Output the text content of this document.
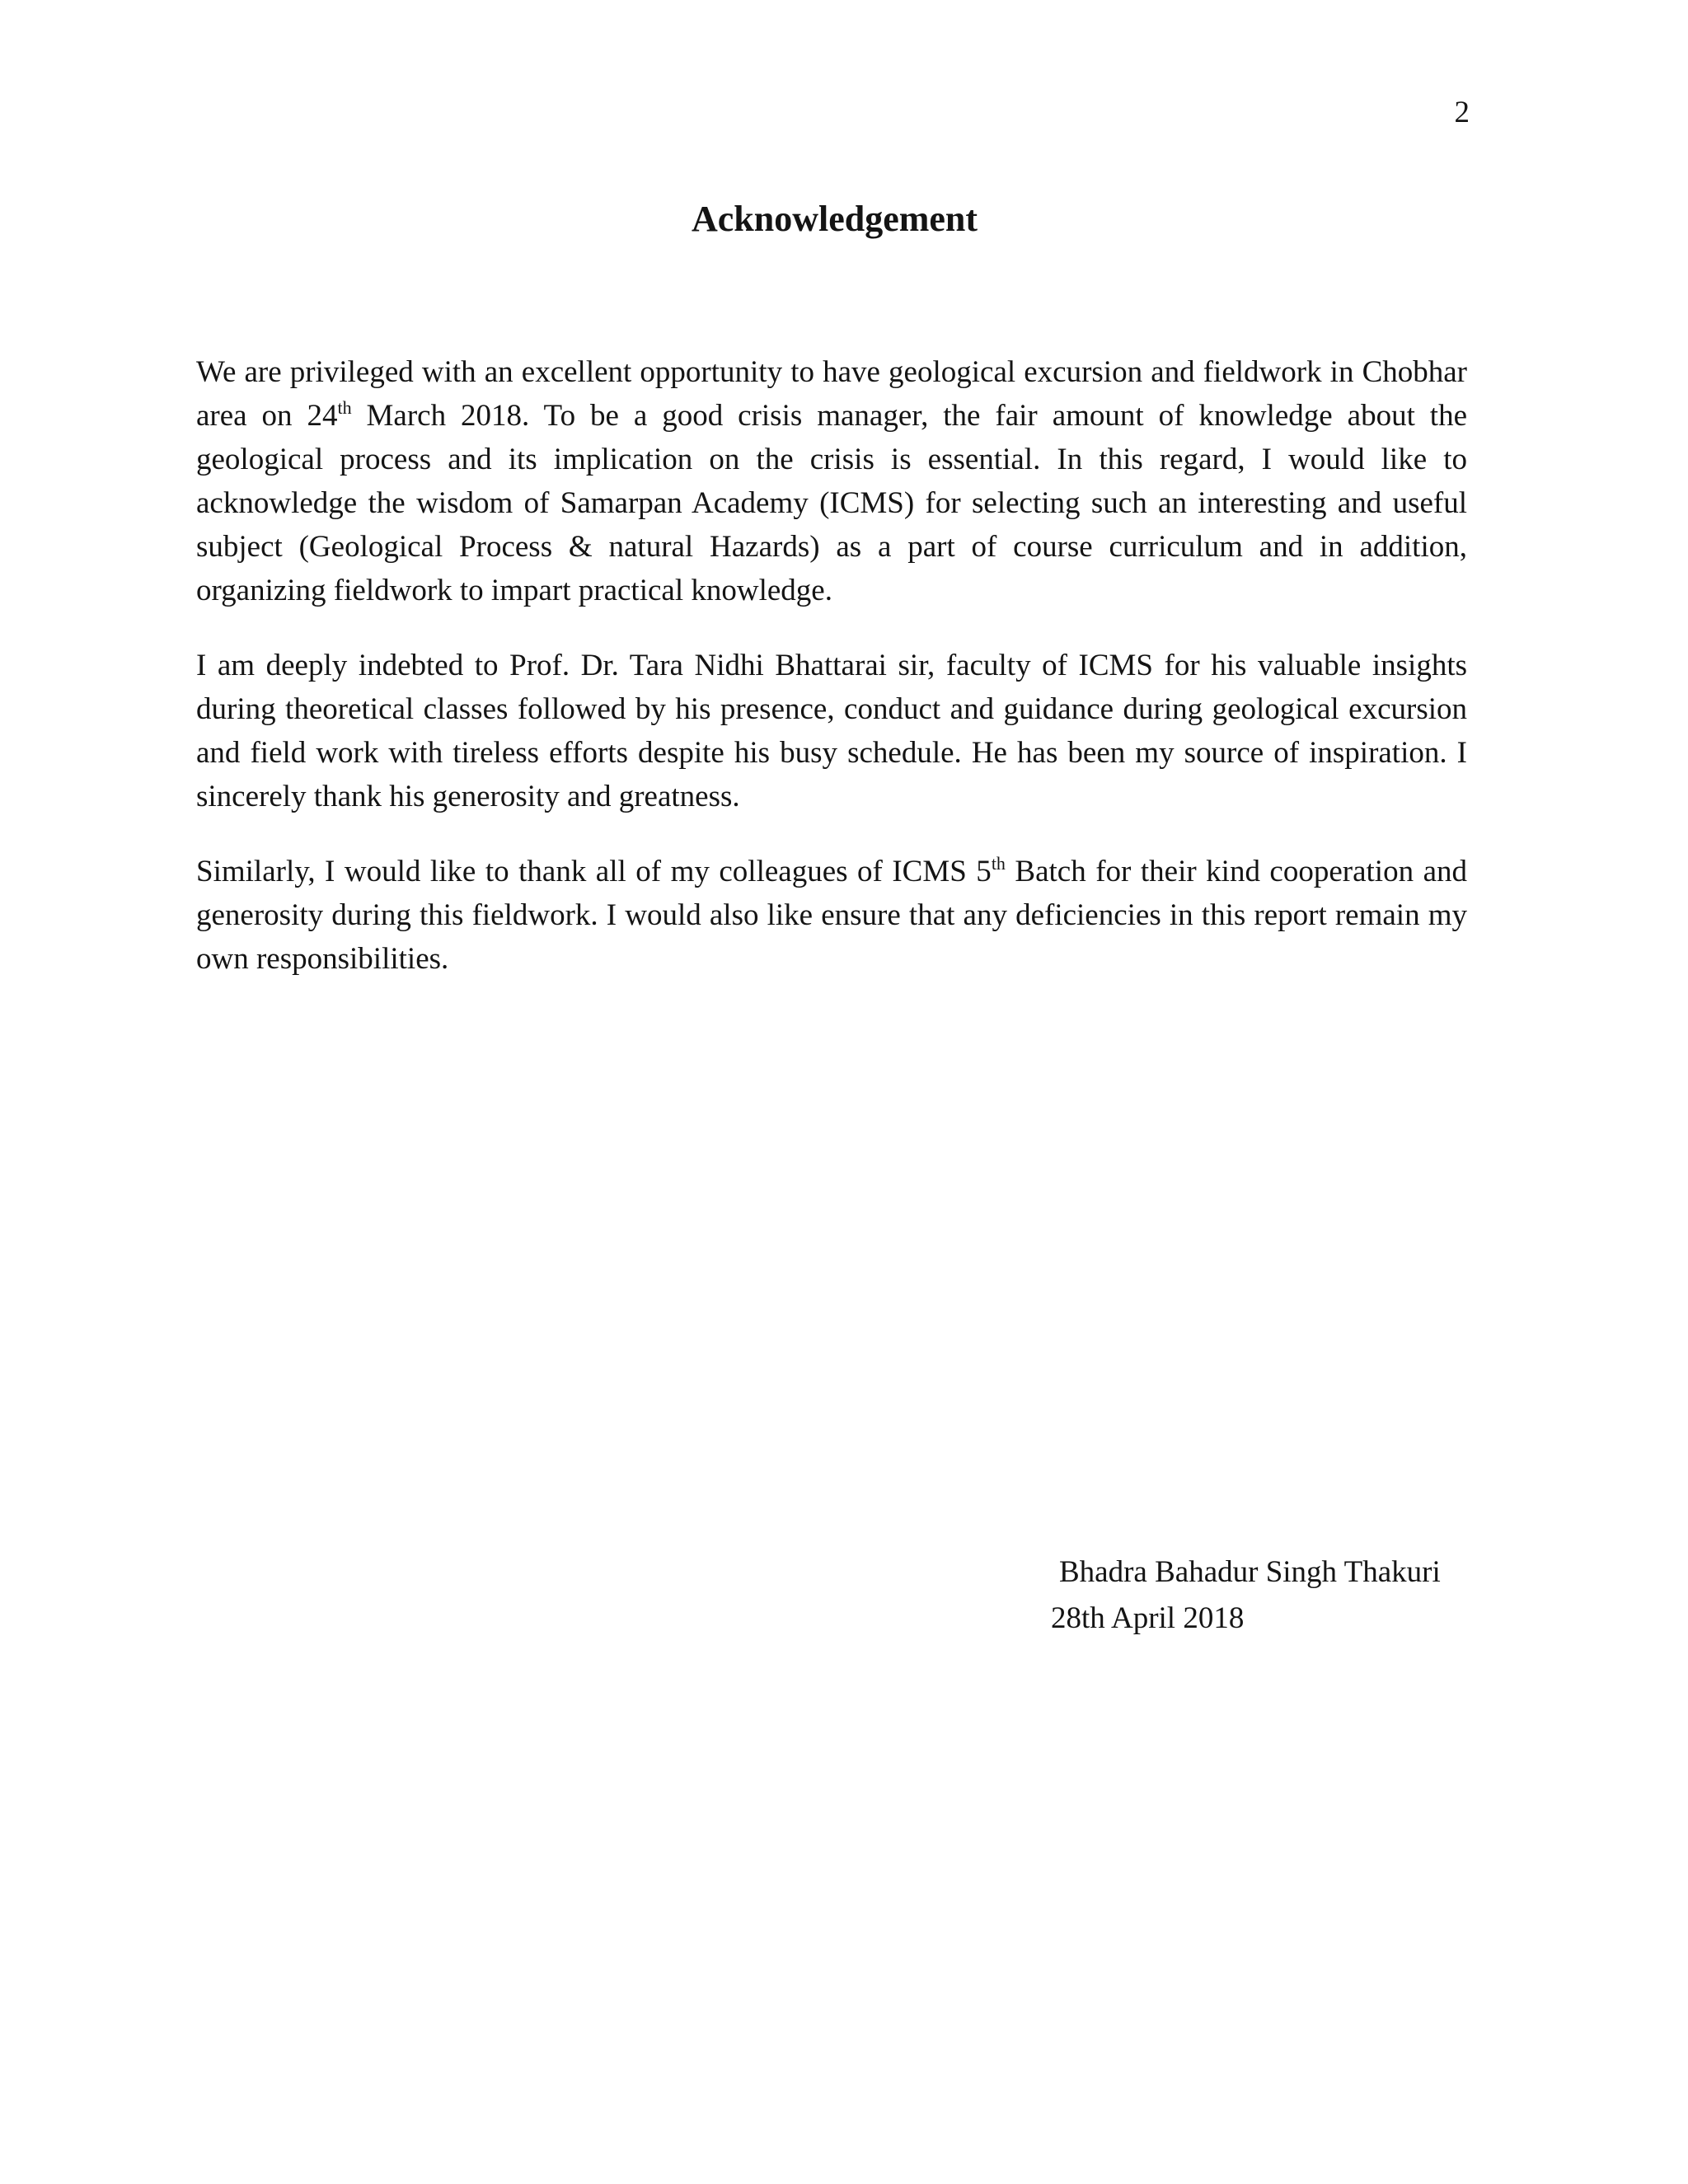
2
Acknowledgement

We are privileged with an excellent opportunity to have geological excursion and fieldwork in Chobhar area on 24th March 2018. To be a good crisis manager, the fair amount of knowledge about the geological process and its implication on the crisis is essential. In this regard, I would like to acknowledge the wisdom of Samarpan Academy (ICMS) for selecting such an interesting and useful subject (Geological Process & natural Hazards) as a part of course curriculum and in addition, organizing fieldwork to impart practical knowledge.

I am deeply indebted to Prof. Dr. Tara Nidhi Bhattarai sir, faculty of ICMS for his valuable insights during theoretical classes followed by his presence, conduct and guidance during geological excursion and field work with tireless efforts despite his busy schedule. He has been my source of inspiration. I sincerely thank his generosity and greatness.

Similarly, I would like to thank all of my colleagues of ICMS 5th Batch for their kind cooperation and generosity during this fieldwork. I would also like ensure that any deficiencies in this report remain my own responsibilities.

Bhadra Bahadur Singh Thakuri
28th April 2018
